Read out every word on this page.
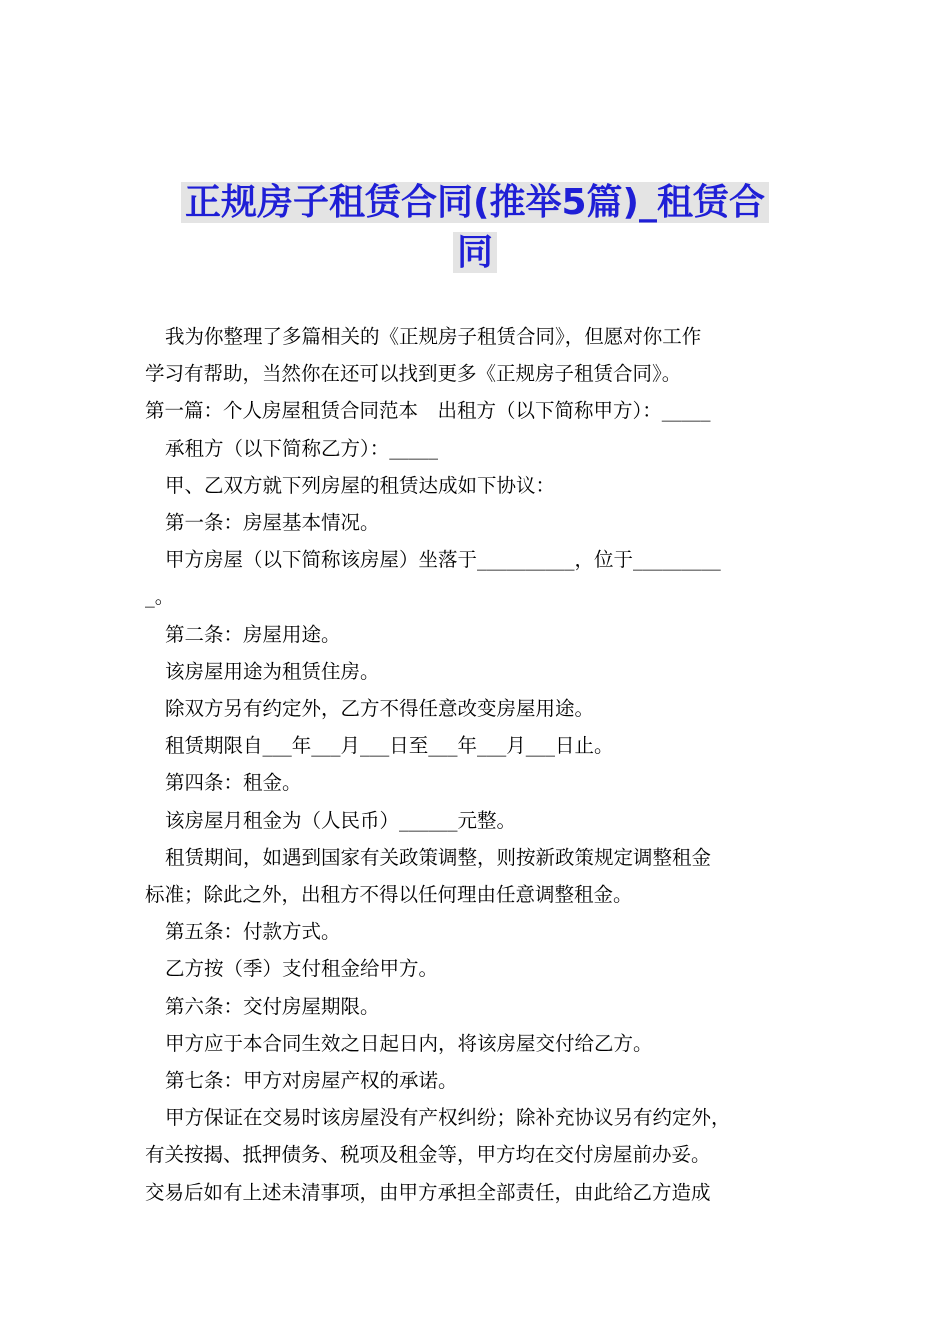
正规房子租赁合同(推举5篇)_租赁合
同

我为你整理了多篇相关的《正规房子租赁合同》，但愿对你工作

学习有帮助，当然你在还可以找到更多《正规房子租赁合同》。

第一篇：个人房屋租赁合同范本　出租方（以下简称甲方）：_____

承租方（以下简称乙方）：_____

甲、乙双方就下列房屋的租赁达成如下协议：

第一条：房屋基本情况。

甲方房屋（以下简称该房屋）坐落于__________，位于_________

_。

第二条：房屋用途。

该房屋用途为租赁住房。

除双方另有约定外，乙方不得任意改变房屋用途。

租赁期限自___年___月___日至___年___月___日止。

第四条：租金。

该房屋月租金为（人民币）______元整。

租赁期间，如遇到国家有关政策调整，则按新政策规定调整租金

标准；除此之外，出租方不得以任何理由任意调整租金。

第五条：付款方式。

乙方按（季）支付租金给甲方。

第六条：交付房屋期限。

甲方应于本合同生效之日起日内，将该房屋交付给乙方。

第七条：甲方对房屋产权的承诺。

甲方保证在交易时该房屋没有产权纠纷；除补充协议另有约定外，

有关按揭、抵押债务、税项及租金等，甲方均在交付房屋前办妥。

交易后如有上述未清事项，由甲方承担全部责任，由此给乙方造成
